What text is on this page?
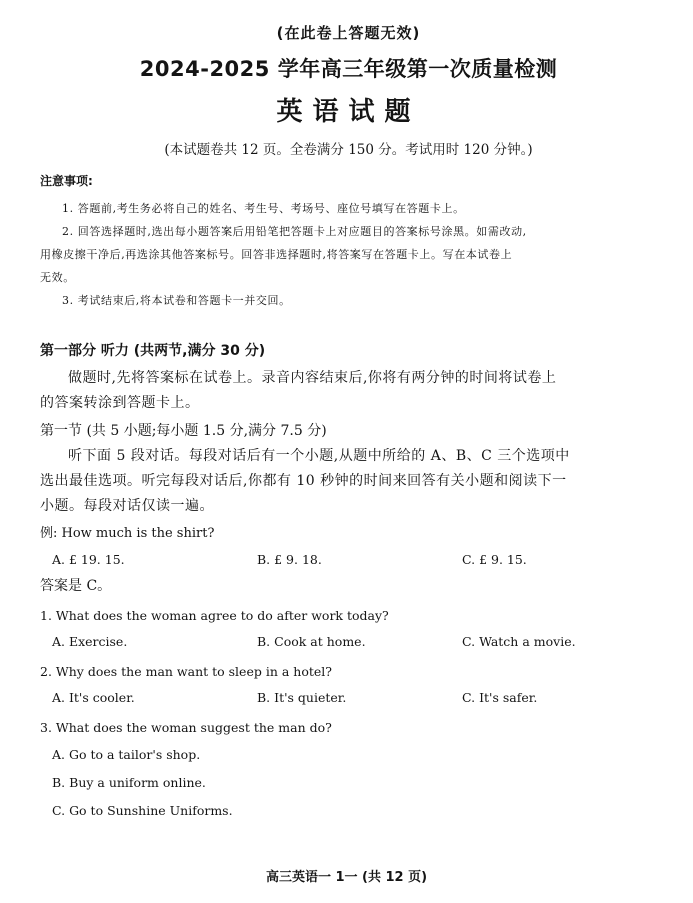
(在此卷上答题无效)
2024-2025 学年高三年级第一次质量检测
英语试题
(本试题卷共 12 页。全卷满分 150 分。考试用时 120 分钟。)
注意事项:
1. 答题前,考生务必将自己的姓名、考生号、考场号、座位号填写在答题卡上。
2. 回答选择题时,选出每小题答案后用铅笔把答题卡上对应题目的答案标号涂黑。如需改动,
用橡皮擦干净后,再选涂其他答案标号。回答非选择题时,将答案写在答题卡上。写在本试卷上
无效。
3. 考试结束后,将本试卷和答题卡一并交回。
第一部分 听力 (共两节,满分 30 分)
做题时,先将答案标在试卷上。录音内容结束后,你将有两分钟的时间将试卷上
的答案转涂到答题卡上。
第一节 (共 5 小题;每小题 1.5 分,满分 7.5 分)
听下面 5 段对话。每段对话后有一个小题,从题中所给的 A、B、C 三个选项中
选出最佳选项。听完每段对话后,你都有 10 秒钟的时间来回答有关小题和阅读下一
小题。每段对话仅读一遍。
例: How much is the shirt?
A. £ 19. 15.	B. £ 9. 18.	C. £ 9. 15.
答案是 C。
1. What does the woman agree to do after work today?
A. Exercise.	B. Cook at home.	C. Watch a movie.
2. Why does the man want to sleep in a hotel?
A. It's cooler.	B. It's quieter.	C. It's safer.
3. What does the woman suggest the man do?
A. Go to a tailor's shop.
B. Buy a uniform online.
C. Go to Sunshine Uniforms.
高三英语一 1一 (共 12 页)
